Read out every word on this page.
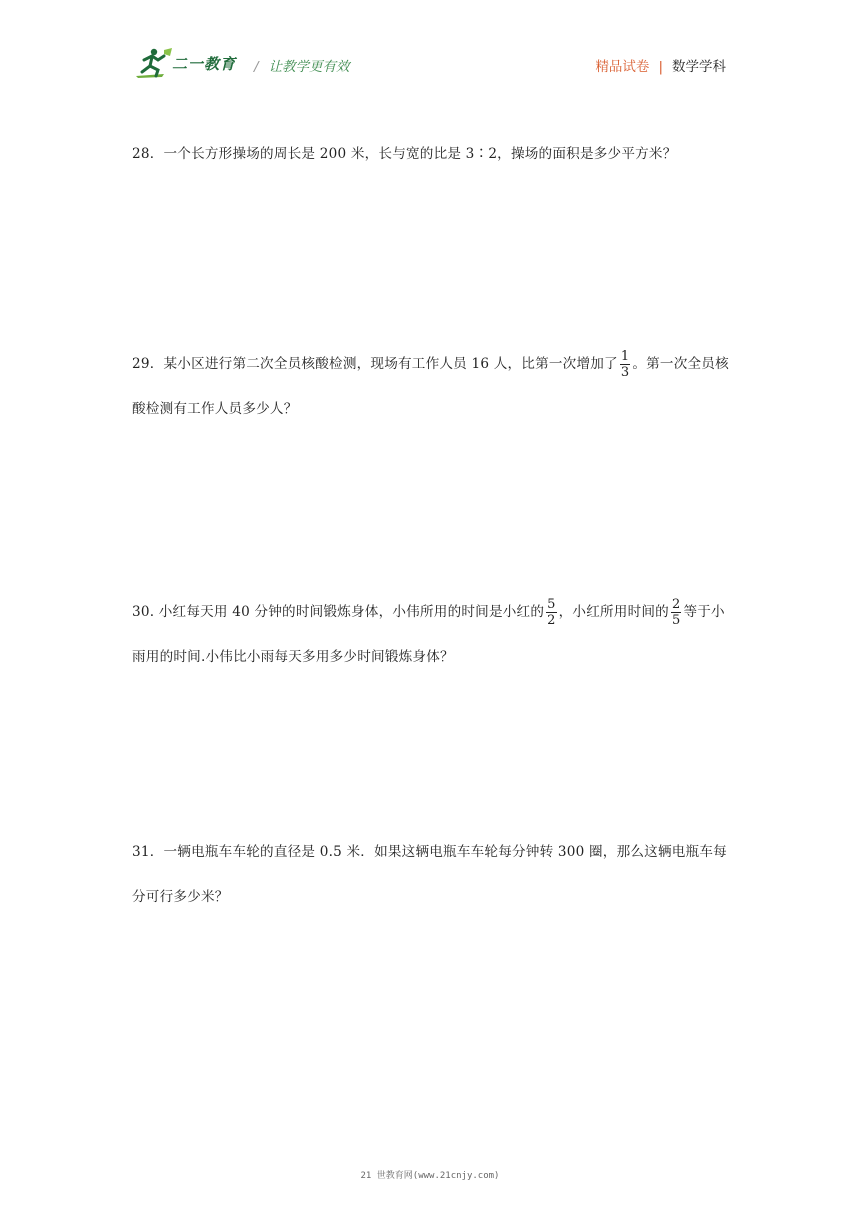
二一教育 / 让教学更有效	精品试卷 | 数学学科
28．一个长方形操场的周长是 200 米，长与宽的比是 3∶2，操场的面积是多少平方米？
29．某小区进行第二次全员核酸检测，现场有工作人员 16 人，比第一次增加了 $\frac{1}{3}$ 。第一次全员核酸检测有工作人员多少人？
30. 小红每天用 40 分钟的时间锻炼身体，小伟所用的时间是小红的 $\frac{5}{2}$ ，小红所用时间的 $\frac{2}{5}$ 等于小雨用的时间.小伟比小雨每天多用多少时间锻炼身体？
31．一辆电瓶车车轮的直径是 0.5 米．如果这辆电瓶车车轮每分钟转 300 圈，那么这辆电瓶车每分可行多少米？
21 世教育网(www.21cnjy.com)
